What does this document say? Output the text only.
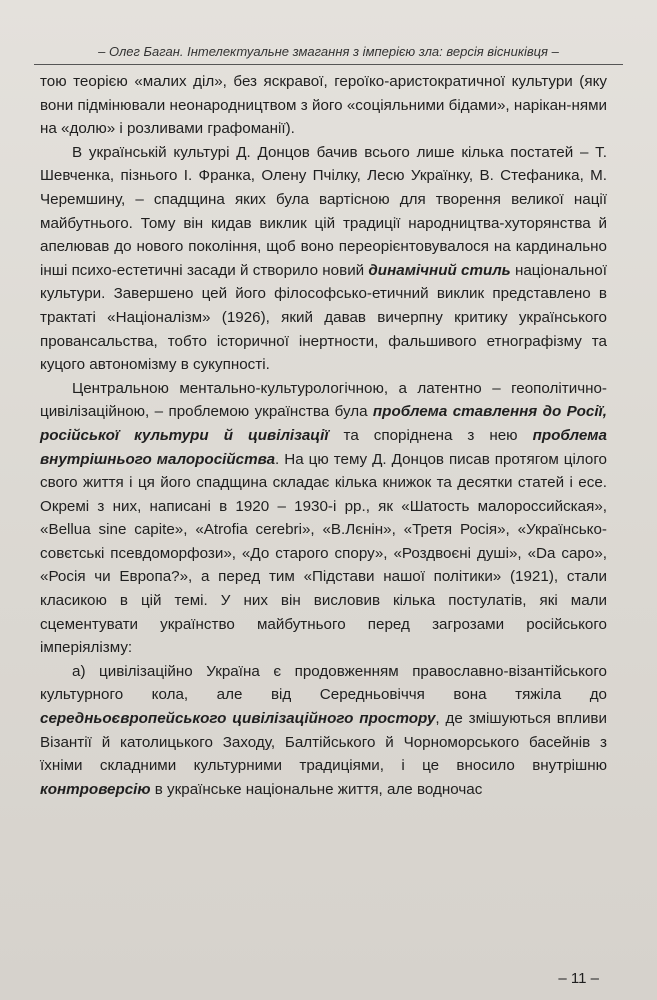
– Олег Баган. Інтелектуальне змагання з імперією зла: версія вісниківця –

тою теорією «малих діл», без яскравої, героїко-аристократичної культури (яку вони підмінювали неонародництвом з його «соціяльними бідами», нарікан-нями на «долю» і розливами графоманії).

В українській культурі Д. Донцов бачив всього лише кілька постатей – Т. Шевченка, пізнього І. Франка, Олену Пчілку, Лесю Українку, В. Стефаника, М. Черемшину, – спадщина яких була вартісною для творення великої нації майбутнього. Тому він кидав виклик цій традиції народництва-хуторянства й апелював до нового покоління, щоб воно переорієнтовувалося на кардинально інші психо-естетичні засади й створило новий динамічний стиль національної культури. Завершено цей його філософсько-етичний виклик представлено в трактаті «Націоналізм» (1926), який давав вичерпну критику українського провансальства, тобто історичної інертности, фальшивого етнографізму та куцого автономізму в сукупності.

Центральною ментально-культурологічною, а латентно – геополітично-цивілізаційною, – проблемою українства була проблема ставлення до Росії, російської культури й цивілізації та споріднена з нею проблема внутрішнього малоросійства. На цю тему Д. Донцов писав протягом цілого свого життя і ця його спадщина складає кілька книжок та десятки статей і есе. Окремі з них, написані в 1920 – 1930-і рр., як «Шатость малороссийская», «Bellua sine capite», «Atrofia cerebri», «В.Лєнін», «Третя Росія», «Українсько-совєтські псевдоморфози», «До старого спору», «Роздвоєні душі», «Da capo», «Росія чи Европа?», а перед тим «Підстави нашої політики» (1921), стали класикою в цій темі. У них він висловив кілька постулатів, які мали сцементувати українство майбутнього перед загрозами російського імперіялізму:

а) цивілізаційно Україна є продовженням православно-візантійського культурного кола, але від Середньовіччя вона тяжіла до середньоєвропейського цивілізаційного простору, де змішуються впливи Візантії й католицького Заходу, Балтійського й Чорноморського басейнів з їхніми складними культурними традиціями, і це вносило внутрішню контроверсію в українське національне життя, але водночас

– 11 –
